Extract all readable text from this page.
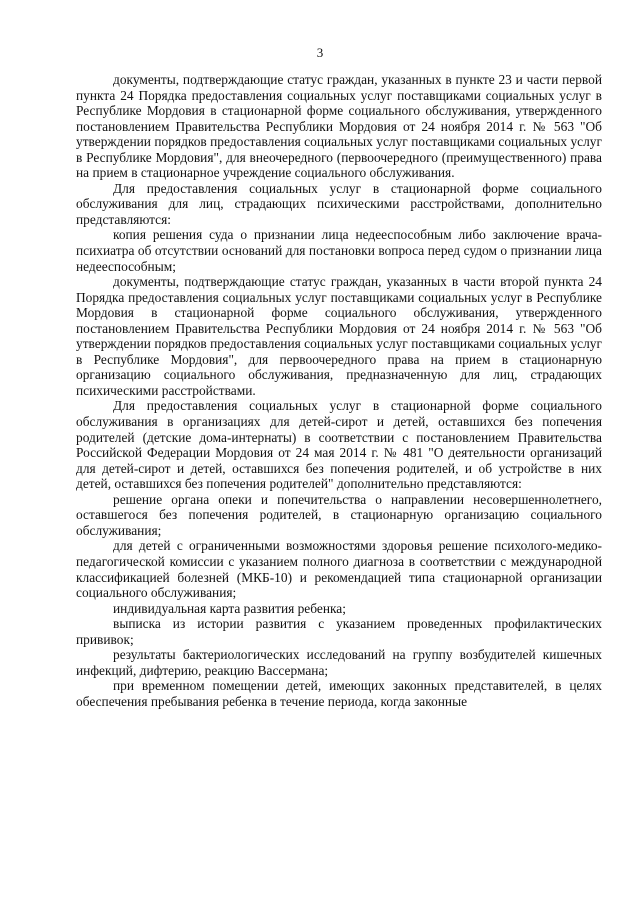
3

документы, подтверждающие статус граждан, указанных в пункте 23 и части первой пункта 24 Порядка предоставления социальных услуг поставщиками социальных услуг в Республике Мордовия в стационарной форме социального обслуживания, утвержденного постановлением Правительства Республики Мордовия от 24 ноября 2014 г. № 563 "Об утверждении порядков предоставления социальных услуг поставщиками социальных услуг в Республике Мордовия", для внеочередного (первоочередного (преимущественного) права на прием в стационарное учреждение социального обслуживания.

Для предоставления социальных услуг в стационарной форме социального обслуживания для лиц, страдающих психическими расстройствами, дополнительно представляются:

копия решения суда о признании лица недееспособным либо заключение врача-психиатра об отсутствии оснований для постановки вопроса перед судом о признании лица недееспособным;

документы, подтверждающие статус граждан, указанных в части второй пункта 24 Порядка предоставления социальных услуг поставщиками социальных услуг в Республике Мордовия в стационарной форме социального обслуживания, утвержденного постановлением Правительства Республики Мордовия от 24 ноября 2014 г. № 563 "Об утверждении порядков предоставления социальных услуг поставщиками социальных услуг в Республике Мордовия", для первоочередного права на прием в стационарную организацию социального обслуживания, предназначенную для лиц, страдающих психическими расстройствами.

Для предоставления социальных услуг в стационарной форме социального обслуживания в организациях для детей-сирот и детей, оставшихся без попечения родителей (детские дома-интернаты) в соответствии с постановлением Правительства Российской Федерации Мордовия от 24 мая 2014 г. № 481 "О деятельности организаций для детей-сирот и детей, оставшихся без попечения родителей, и об устройстве в них детей, оставшихся без попечения родителей" дополнительно представляются:

решение органа опеки и попечительства о направлении несовершеннолетнего, оставшегося без попечения родителей, в стационарную организацию социального обслуживания;

для детей с ограниченными возможностями здоровья решение психолого-медико-педагогической комиссии с указанием полного диагноза в соответствии с международной классификацией болезней (МКБ-10) и рекомендацией типа стационарной организации социального обслуживания;

индивидуальная карта развития ребенка;

выписка из истории развития с указанием проведенных профилактических прививок;

результаты бактериологических исследований на группу возбудителей кишечных инфекций, дифтерию, реакцию Вассермана;

при временном помещении детей, имеющих законных представителей, в целях обеспечения пребывания ребенка в течение периода, когда законные
